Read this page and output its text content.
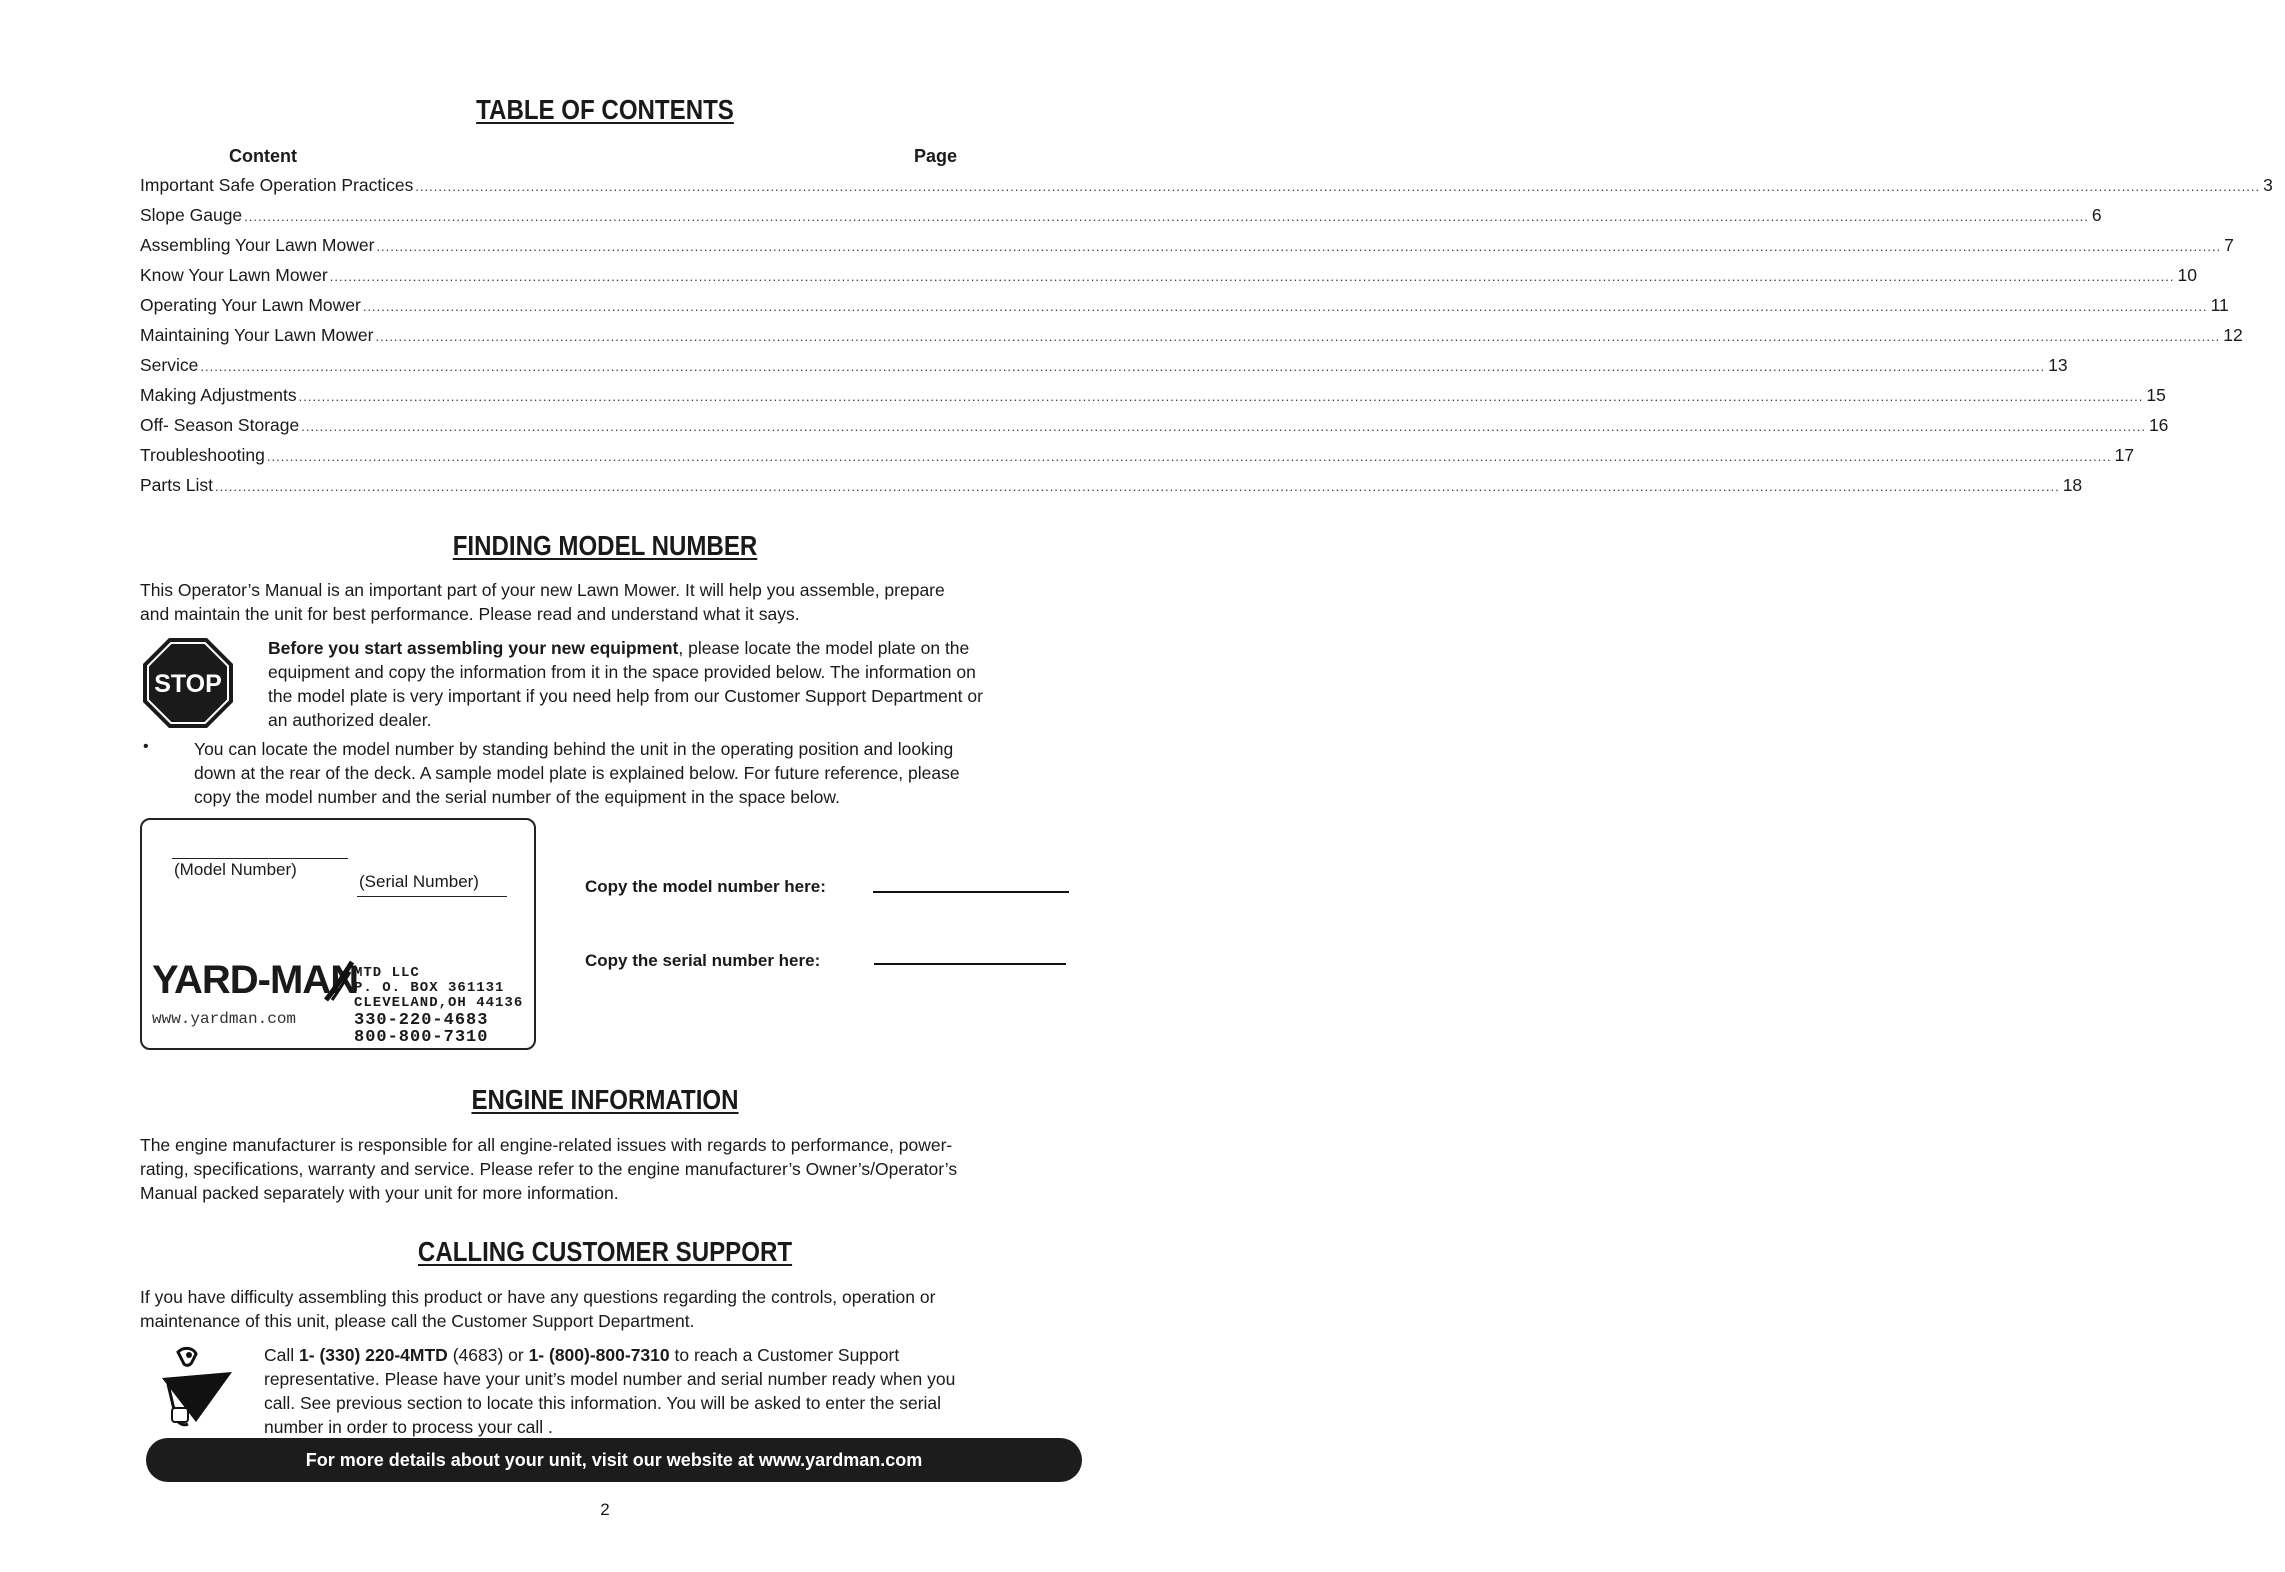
TABLE OF CONTENTS
Content	Page
Important Safe Operation Practices ................................................................................................................................................................................................................................................................................................................................................................................................................ 3
Slope Gauge ................................................................................................................................................................................................................................................................................................................................................................................................................ 6
Assembling Your Lawn Mower ................................................................................................................................................................................................................................................................................................................................................................................................................ 7
Know Your Lawn Mower ................................................................................................................................................................................................................................................................................................................................................................................................................ 10
Operating Your Lawn Mower ................................................................................................................................................................................................................................................................................................................................................................................................................ 11
Maintaining Your Lawn Mower ................................................................................................................................................................................................................................................................................................................................................................................................................ 12
Service ................................................................................................................................................................................................................................................................................................................................................................................................................ 13
Making Adjustments ................................................................................................................................................................................................................................................................................................................................................................................................................ 15
Off- Season Storage ................................................................................................................................................................................................................................................................................................................................................................................................................ 16
Troubleshooting ................................................................................................................................................................................................................................................................................................................................................................................................................ 17
Parts List ................................................................................................................................................................................................................................................................................................................................................................................................................ 18
FINDING MODEL NUMBER
This Operator’s Manual is an important part of your new Lawn Mower. It will help you assemble, prepare
and maintain the unit for best performance. Please read and understand what it says.
STOP
Before you start assembling your new equipment, please locate the model plate on the
equipment and copy the information from it in the space provided below. The information on
the model plate is very important if you need help from our Customer Support Department or
an authorized dealer.
•	You can locate the model number by standing behind the unit in the operating position and looking
down at the rear of the deck. A sample model plate is explained below. For future reference, please
copy the model number and the serial number of the equipment in the space below.
(Model Number)
(Serial Number)
YARD-MAN
www.yardman.com
MTD LLC
P. O. BOX 361131
CLEVELAND,OH 44136
330-220-4683
800-800-7310
Copy the model number here:
Copy the serial number here:
ENGINE INFORMATION
The engine manufacturer is responsible for all engine-related issues with regards to performance, power-
rating, specifications, warranty and service. Please refer to the engine manufacturer’s Owner’s/Operator’s
Manual packed separately with your unit for more information.
CALLING CUSTOMER SUPPORT
If you have difficulty assembling this product or have any questions regarding the controls, operation or
maintenance of this unit, please call the Customer Support Department.
Call 1- (330) 220-4MTD (4683) or 1- (800)-800-7310 to reach a Customer Support
representative. Please have your unit’s model number and serial number ready when you
call. See previous section to locate this information. You will be asked to enter the serial
number in order to process your call .
For more details about your unit, visit our website at www.yardman.com
2
